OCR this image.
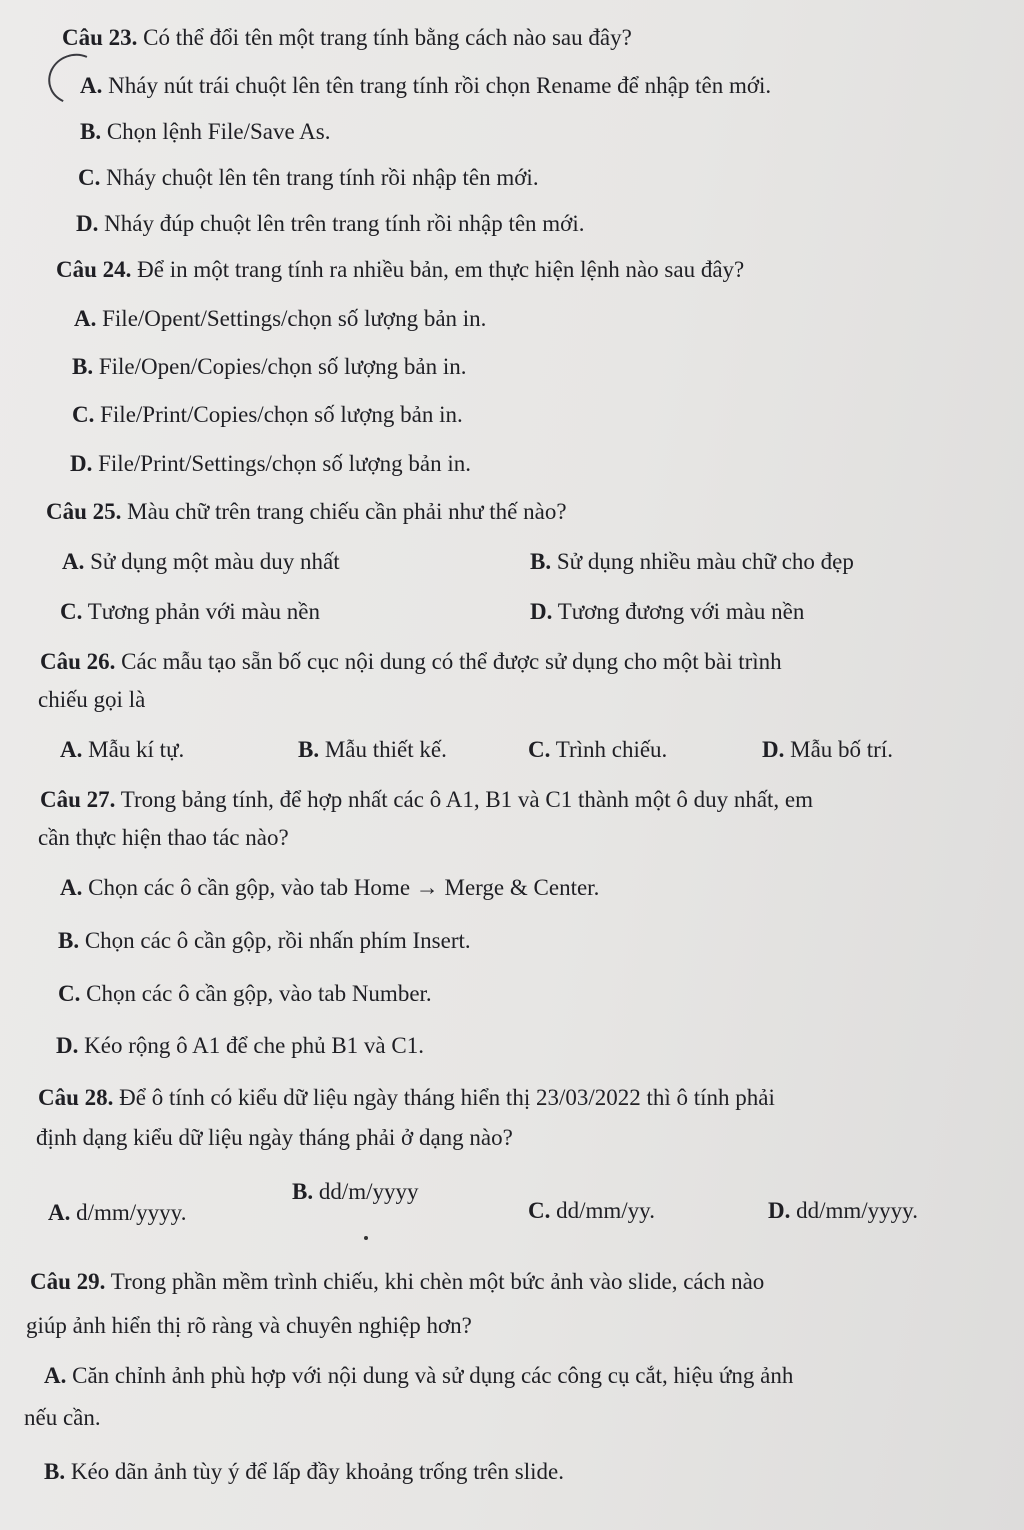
Câu 23. Có thể đổi tên một trang tính bằng cách nào sau đây?
A. Nháy nút trái chuột lên tên trang tính rồi chọn Rename để nhập tên mới.
B. Chọn lệnh File/Save As.
C. Nháy chuột lên tên trang tính rồi nhập tên mới.
D. Nháy đúp chuột lên trên trang tính rồi nhập tên mới.
Câu 24. Để in một trang tính ra nhiều bản, em thực hiện lệnh nào sau đây?
A. File/Opent/Settings/chọn số lượng bản in.
B. File/Open/Copies/chọn số lượng bản in.
C. File/Print/Copies/chọn số lượng bản in.
D. File/Print/Settings/chọn số lượng bản in.
Câu 25. Màu chữ trên trang chiếu cần phải như thế nào?
A. Sử dụng một màu duy nhất	B. Sử dụng nhiều màu chữ cho đẹp
C. Tương phản với màu nền	D. Tương đương với màu nền
Câu 26. Các mẫu tạo sẵn bố cục nội dung có thể được sử dụng cho một bài trình
chiếu gọi là
A. Mẫu kí tự.	B. Mẫu thiết kế.	C. Trình chiếu.	D. Mẫu bố trí.
Câu 27. Trong bảng tính, để hợp nhất các ô A1, B1 và C1 thành một ô duy nhất, em
cần thực hiện thao tác nào?
A. Chọn các ô cần gộp, vào tab Home → Merge & Center.
B. Chọn các ô cần gộp, rồi nhấn phím Insert.
C. Chọn các ô cần gộp, vào tab Number.
D. Kéo rộng ô A1 để che phủ B1 và C1.
Câu 28. Để ô tính có kiểu dữ liệu ngày tháng hiển thị 23/03/2022 thì ô tính phải
định dạng kiểu dữ liệu ngày tháng phải ở dạng nào?
A. d/mm/yyyy.
B. dd/m/yyyy
C. dd/mm/yy.	D. dd/mm/yyyy.
Câu 29. Trong phần mềm trình chiếu, khi chèn một bức ảnh vào slide, cách nào
giúp ảnh hiển thị rõ ràng và chuyên nghiệp hơn?
A. Căn chỉnh ảnh phù hợp với nội dung và sử dụng các công cụ cắt, hiệu ứng ảnh
nếu cần.
B. Kéo dãn ảnh tùy ý để lấp đầy khoảng trống trên slide.
